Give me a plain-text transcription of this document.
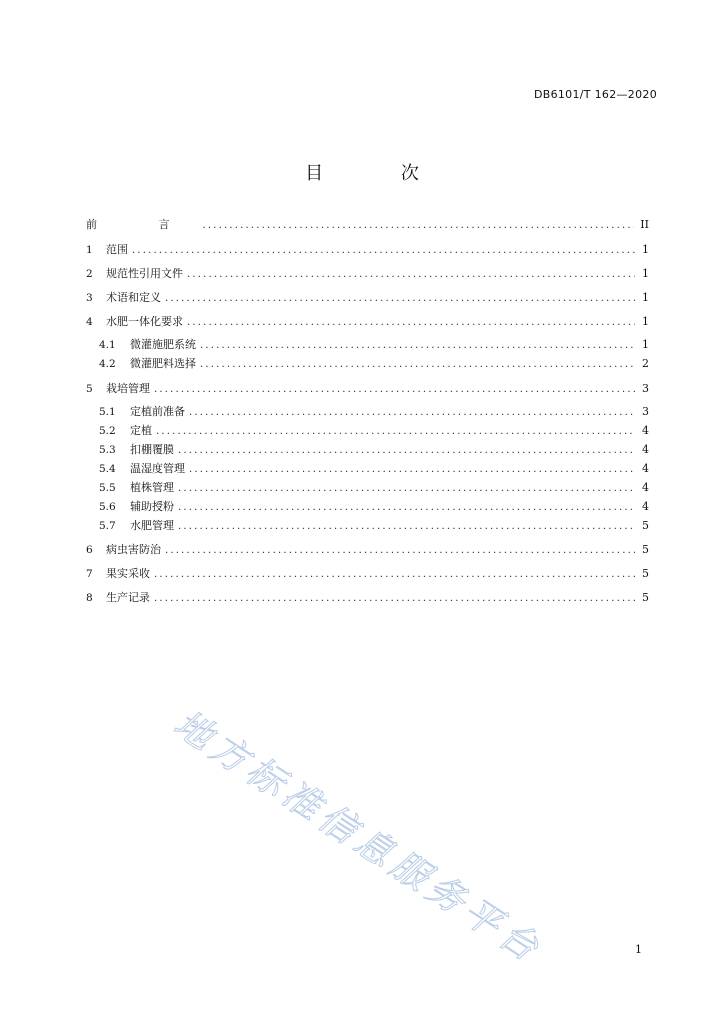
DB6101/T 162—2020
目 次
前 言 .....	II
1	范围 .....	1
2	规范性引用文件 .....	1
3	术语和定义 .....	1
4	水肥一体化要求 .....	1
4.1	微灌施肥系统 .....	1
4.2	微灌肥料选择 .....	2
5	栽培管理 .....	3
5.1	定植前准备 .....	3
5.2	定植 .....	4
5.3	扣棚覆膜 .....	4
5.4	温湿度管理 .....	4
5.5	植株管理 .....	4
5.6	辅助授粉 .....	4
5.7	水肥管理 .....	5
6	病虫害防治 .....	5
7	果实采收 .....	5
8	生产记录 .....	5
地方标准信息服务平台	1
